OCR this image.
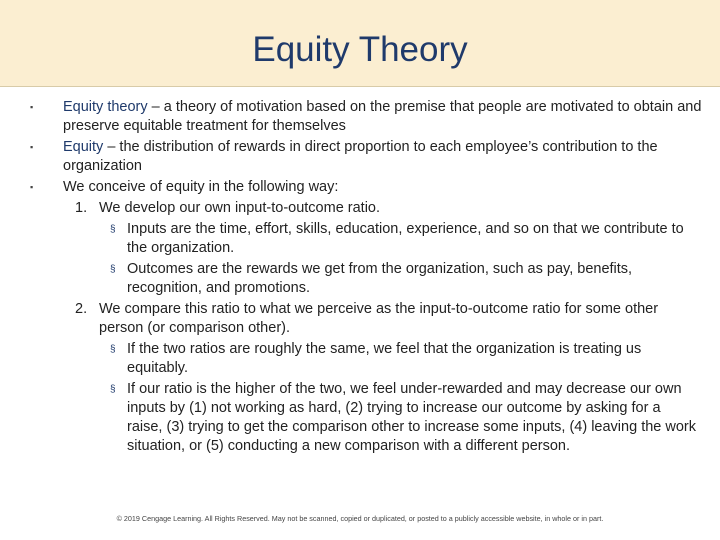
Equity Theory
▪ Equity theory – a theory of motivation based on the premise that people are motivated to obtain and preserve equitable treatment for themselves
▪ Equity – the distribution of rewards in direct proportion to each employee’s contribution to the organization
▪ We conceive of equity in the following way:
1. We develop our own input-to-outcome ratio.
§ Inputs are the time, effort, skills, education, experience, and so on that we contribute to the organization.
§ Outcomes are the rewards we get from the organization, such as pay, benefits, recognition, and promotions.
2. We compare this ratio to what we perceive as the input-to-outcome ratio for some other person (or comparison other).
§ If the two ratios are roughly the same, we feel that the organization is treating us equitably.
§ If our ratio is the higher of the two, we feel under-rewarded and may decrease our own inputs by (1) not working as hard, (2) trying to increase our outcome by asking for a raise, (3) trying to get the comparison other to increase some inputs, (4) leaving the work situation, or (5) conducting a new comparison with a different person.
© 2019 Cengage Learning. All Rights Reserved. May not be scanned, copied or duplicated, or posted to a publicly accessible website, in whole or in part.
